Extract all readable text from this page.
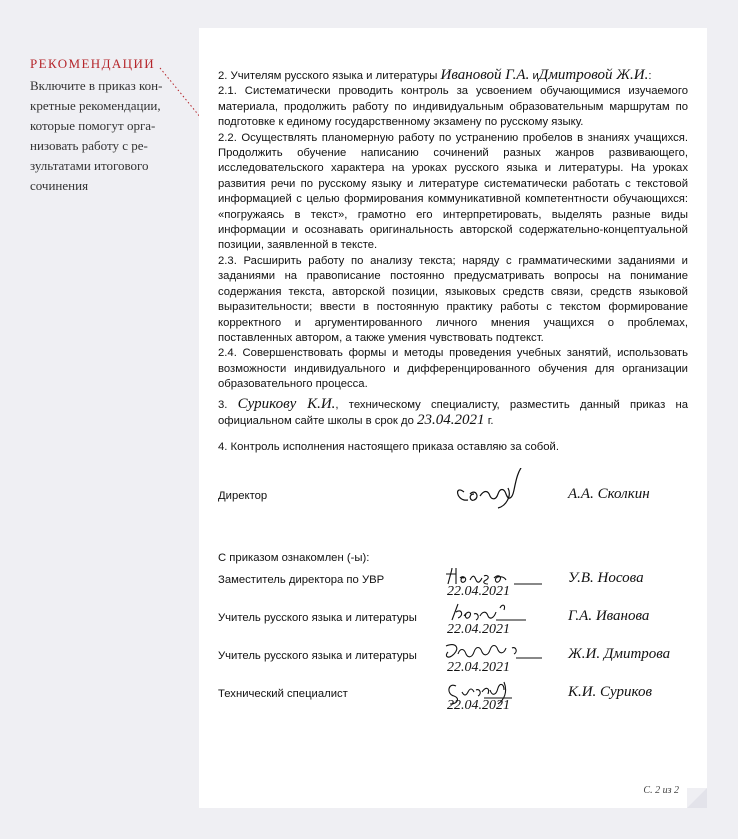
РЕКОМЕНДАЦИИ
Включите в приказ кон-
кретные рекомендации,
которые помогут орга-
низовать работу с ре-
зультатами итогового
сочинения

2. Учителям русского языка и литературы Ивановой Г.А. иДмитровой Ж.И.:

2.1. Систематически проводить контроль за усвоением обучающимися изучаемого материала, продолжить работу по индивидуальным образовательным маршрутам по подготовке к единому государственному экзамену по русскому языку.

2.2. Осуществлять планомерную работу по устранению пробелов в знаниях учащихся. Продолжить обучение написанию сочинений разных жанров развивающего, исследовательского характера на уроках русского языка и литературы. На уроках развития речи по русскому языку и литературе систематически работать с текстовой информацией с целью формирования коммуникативной компетентности обучающихся: «погружаясь в текст», грамотно его интерпретировать, выделять разные виды информации и осознавать оригинальность авторской содержательно-концептуальной позиции, заявленной в тексте.

2.3. Расширить работу по анализу текста; наряду с грамматическими заданиями и заданиями на правописание постоянно предусматривать вопросы на понимание содержания текста, авторской позиции, языковых средств связи, средств языковой выразительности; ввести в постоянную практику работы с текстом формирование корректного и аргументированного личного мнения учащихся о проблемах, поставленных автором, а также умения чувствовать подтекст.

2.4. Совершенствовать формы и методы проведения учебных занятий, использовать возможности индивидуального и дифференцированного обучения для организации образовательного процесса.

3. Сурикову К.И., техническому специалисту, разместить данный приказ на официальном сайте школы в срок до 23.04.2021 г.

4. Контроль исполнения настоящего приказа оставляю за собой.

Директор	А.А. Сколкин
С приказом ознакомлен (-ы):
Заместитель директора по УВР
22.04.2021
У.В. Носова
Учитель русского языка и литературы
22.04.2021
Г.А. Иванова
Учитель русского языка и литературы
22.04.2021
Ж.И. Дмитрова
Технический специалист
22.04.2021
К.И. Суриков
С. 2 из 2
